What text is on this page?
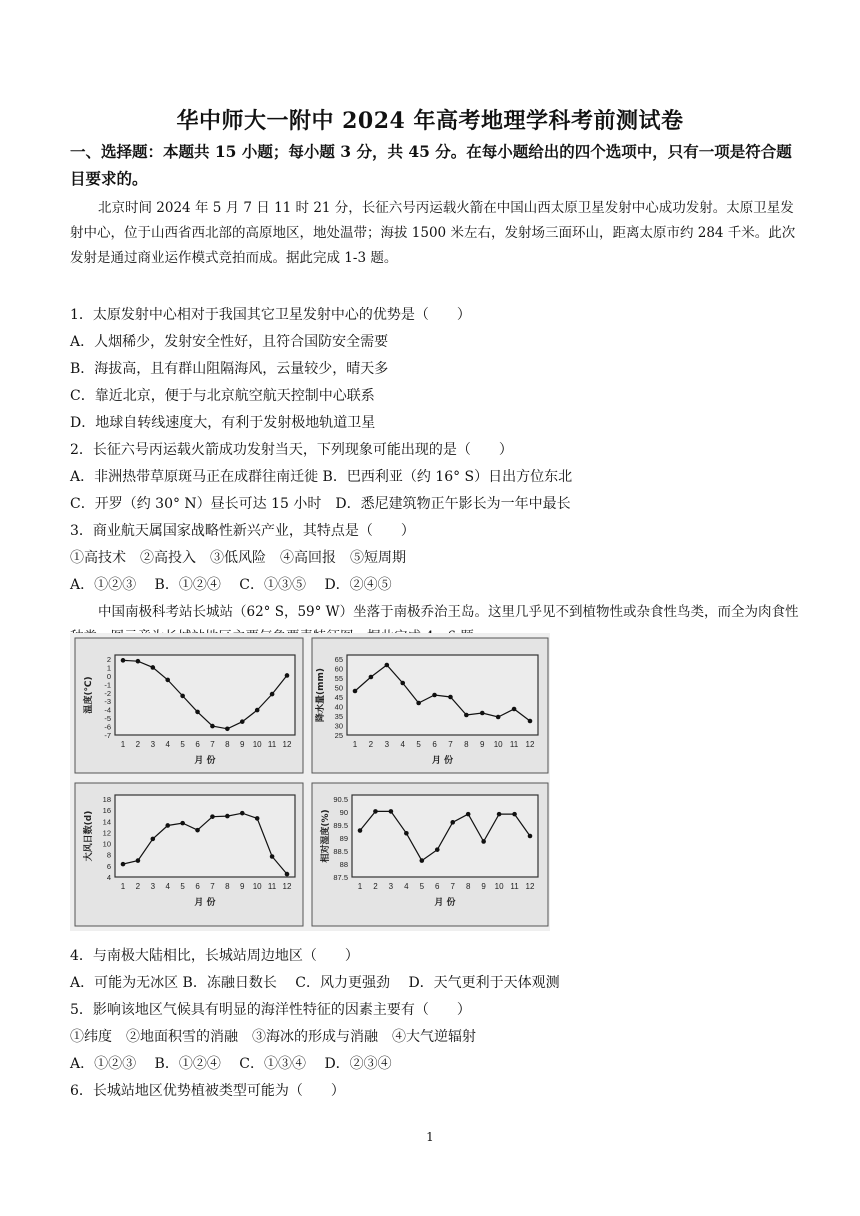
华中师大一附中 2024 年高考地理学科考前测试卷
一、选择题：本题共 15 小题；每小题 3 分，共 45 分。在每小题给出的四个选项中，只有一项是符合题目要求的。
北京时间 2024 年 5 月 7 日 11 时 21 分，长征六号丙运载火箭在中国山西太原卫星发射中心成功发射。太原卫星发射中心，位于山西省西北部的高原地区，地处温带；海拔 1500 米左右，发射场三面环山，距离太原市约 284 千米。此次发射是通过商业运作模式竞拍而成。据此完成 1-3 题。
1．太原发射中心相对于我国其它卫星发射中心的优势是（　　）
A．人烟稀少，发射安全性好，且符合国防安全需要
B．海拔高，且有群山阻隔海风，云量较少，晴天多
C．靠近北京，便于与北京航空航天控制中心联系
D．地球自转线速度大，有利于发射极地轨道卫星
2．长征六号丙运载火箭成功发射当天，下列现象可能出现的是（　　）
A．非洲热带草原斑马正在成群往南迁徙 B．巴西利亚（约 16° S）日出方位东北
C．开罗（约 30° N）昼长可达 15 小时　D．悉尼建筑物正午影长为一年中最长
3．商业航天属国家战略性新兴产业，其特点是（　　）
①高技术　②高投入　③低风险　④高回报　⑤短周期
A．①②③　 B．①②④　 C．①③⑤　 D．②④⑤
中国南极科考站长城站（62° S，59° W）坐落于南极乔治王岛。这里几乎见不到植物性或杂食性鸟类，而全为肉食性
2
1
0
-1
-2
-3
-4
-5
-6
-7
1 2 3 4 5 6 7 8 9 10 11 12
月 份
温度(℃)
65
60
55
50
45
40
35
30
25
1 2 3 4 5 6 7 8 9 10 11 12
月 份
降水量(mm)
18
16
14
12
10
8
6
4
1 2 3 4 5 6 7 8 9 10 11 12
月 份
大风日数(d)
90.5
90
89.5
89
88.5
88
87.5
1 2 3 4 5 6 7 8 9 10 11 12
月 份
相对湿度(%)
4．与南极大陆相比，长城站周边地区（　　）
A．可能为无冰区 B．冻融日数长　 C．风力更强劲　 D．天气更利于天体观测
5．影响该地区气候具有明显的海洋性特征的因素主要有（　　）
①纬度　②地面积雪的消融　③海冰的形成与消融　④大气逆辐射
A．①②③　 B．①②④　 C．①③④　 D．②③④
6．长城站地区优势植被类型可能为（　　）
1
